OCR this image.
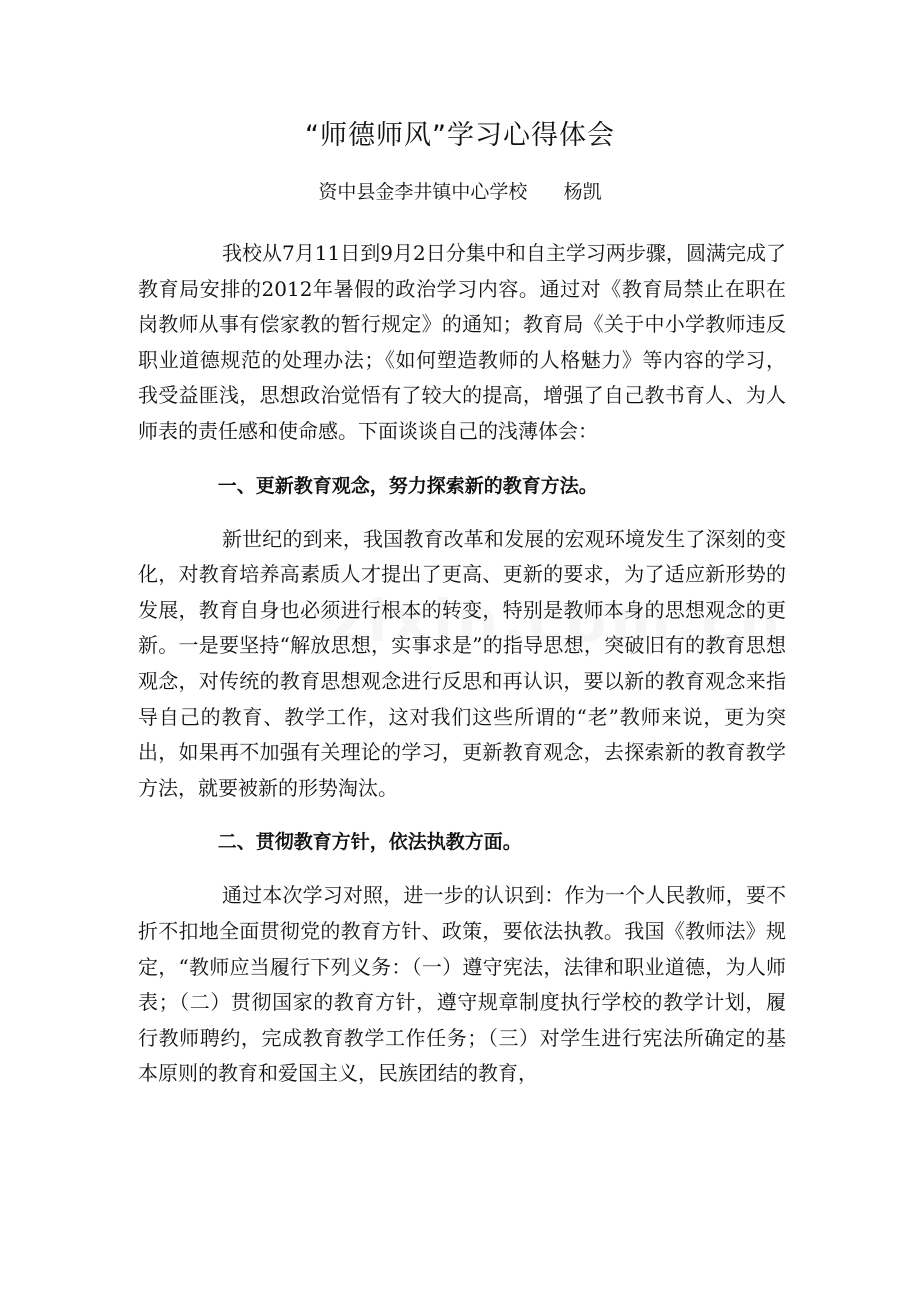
“师德师风”学习心得体会
资中县金李井镇中心学校      杨凯

我校从7月11日到9月2日分集中和自主学习两步骤，圆满完成了教育局安排的2012年暑假的政治学习内容。通过对《教育局禁止在职在岗教师从事有偿家教的暂行规定》的通知；教育局《关于中小学教师违反职业道德规范的处理办法；《如何塑造教师的人格魅力》等内容的学习，我受益匪浅，思想政治觉悟有了较大的提高，增强了自己教书育人、为人师表的责任感和使命感。下面谈谈自己的浅薄体会：

一、更新教育观念，努力探索新的教育方法。

新世纪的到来，我国教育改革和发展的宏观环境发生了深刻的变化，对教育培养高素质人才提出了更高、更新的要求，为了适应新形势的发展，教育自身也必须进行根本的转变，特别是教师本身的思想观念的更新。一是要坚持“解放思想，实事求是”的指导思想，突破旧有的教育思想观念，对传统的教育思想观念进行反思和再认识，要以新的教育观念来指导自己的教育、教学工作，这对我们这些所谓的“老”教师来说，更为突出，如果再不加强有关理论的学习，更新教育观念，去探索新的教育教学方法，就要被新的形势淘汰。

二、贯彻教育方针，依法执教方面。

通过本次学习对照，进一步的认识到：作为一个人民教师，要不折不扣地全面贯彻党的教育方针、政策，要依法执教。我国《教师法》规定，“教师应当履行下列义务：（一）遵守宪法，法律和职业道德，为人师表；（二）贯彻国家的教育方针，遵守规章制度执行学校的教学计划，履行教师聘约，完成教育教学工作任务；（三）对学生进行宪法所确定的基本原则的教育和爱国主义，民族团结的教育，
